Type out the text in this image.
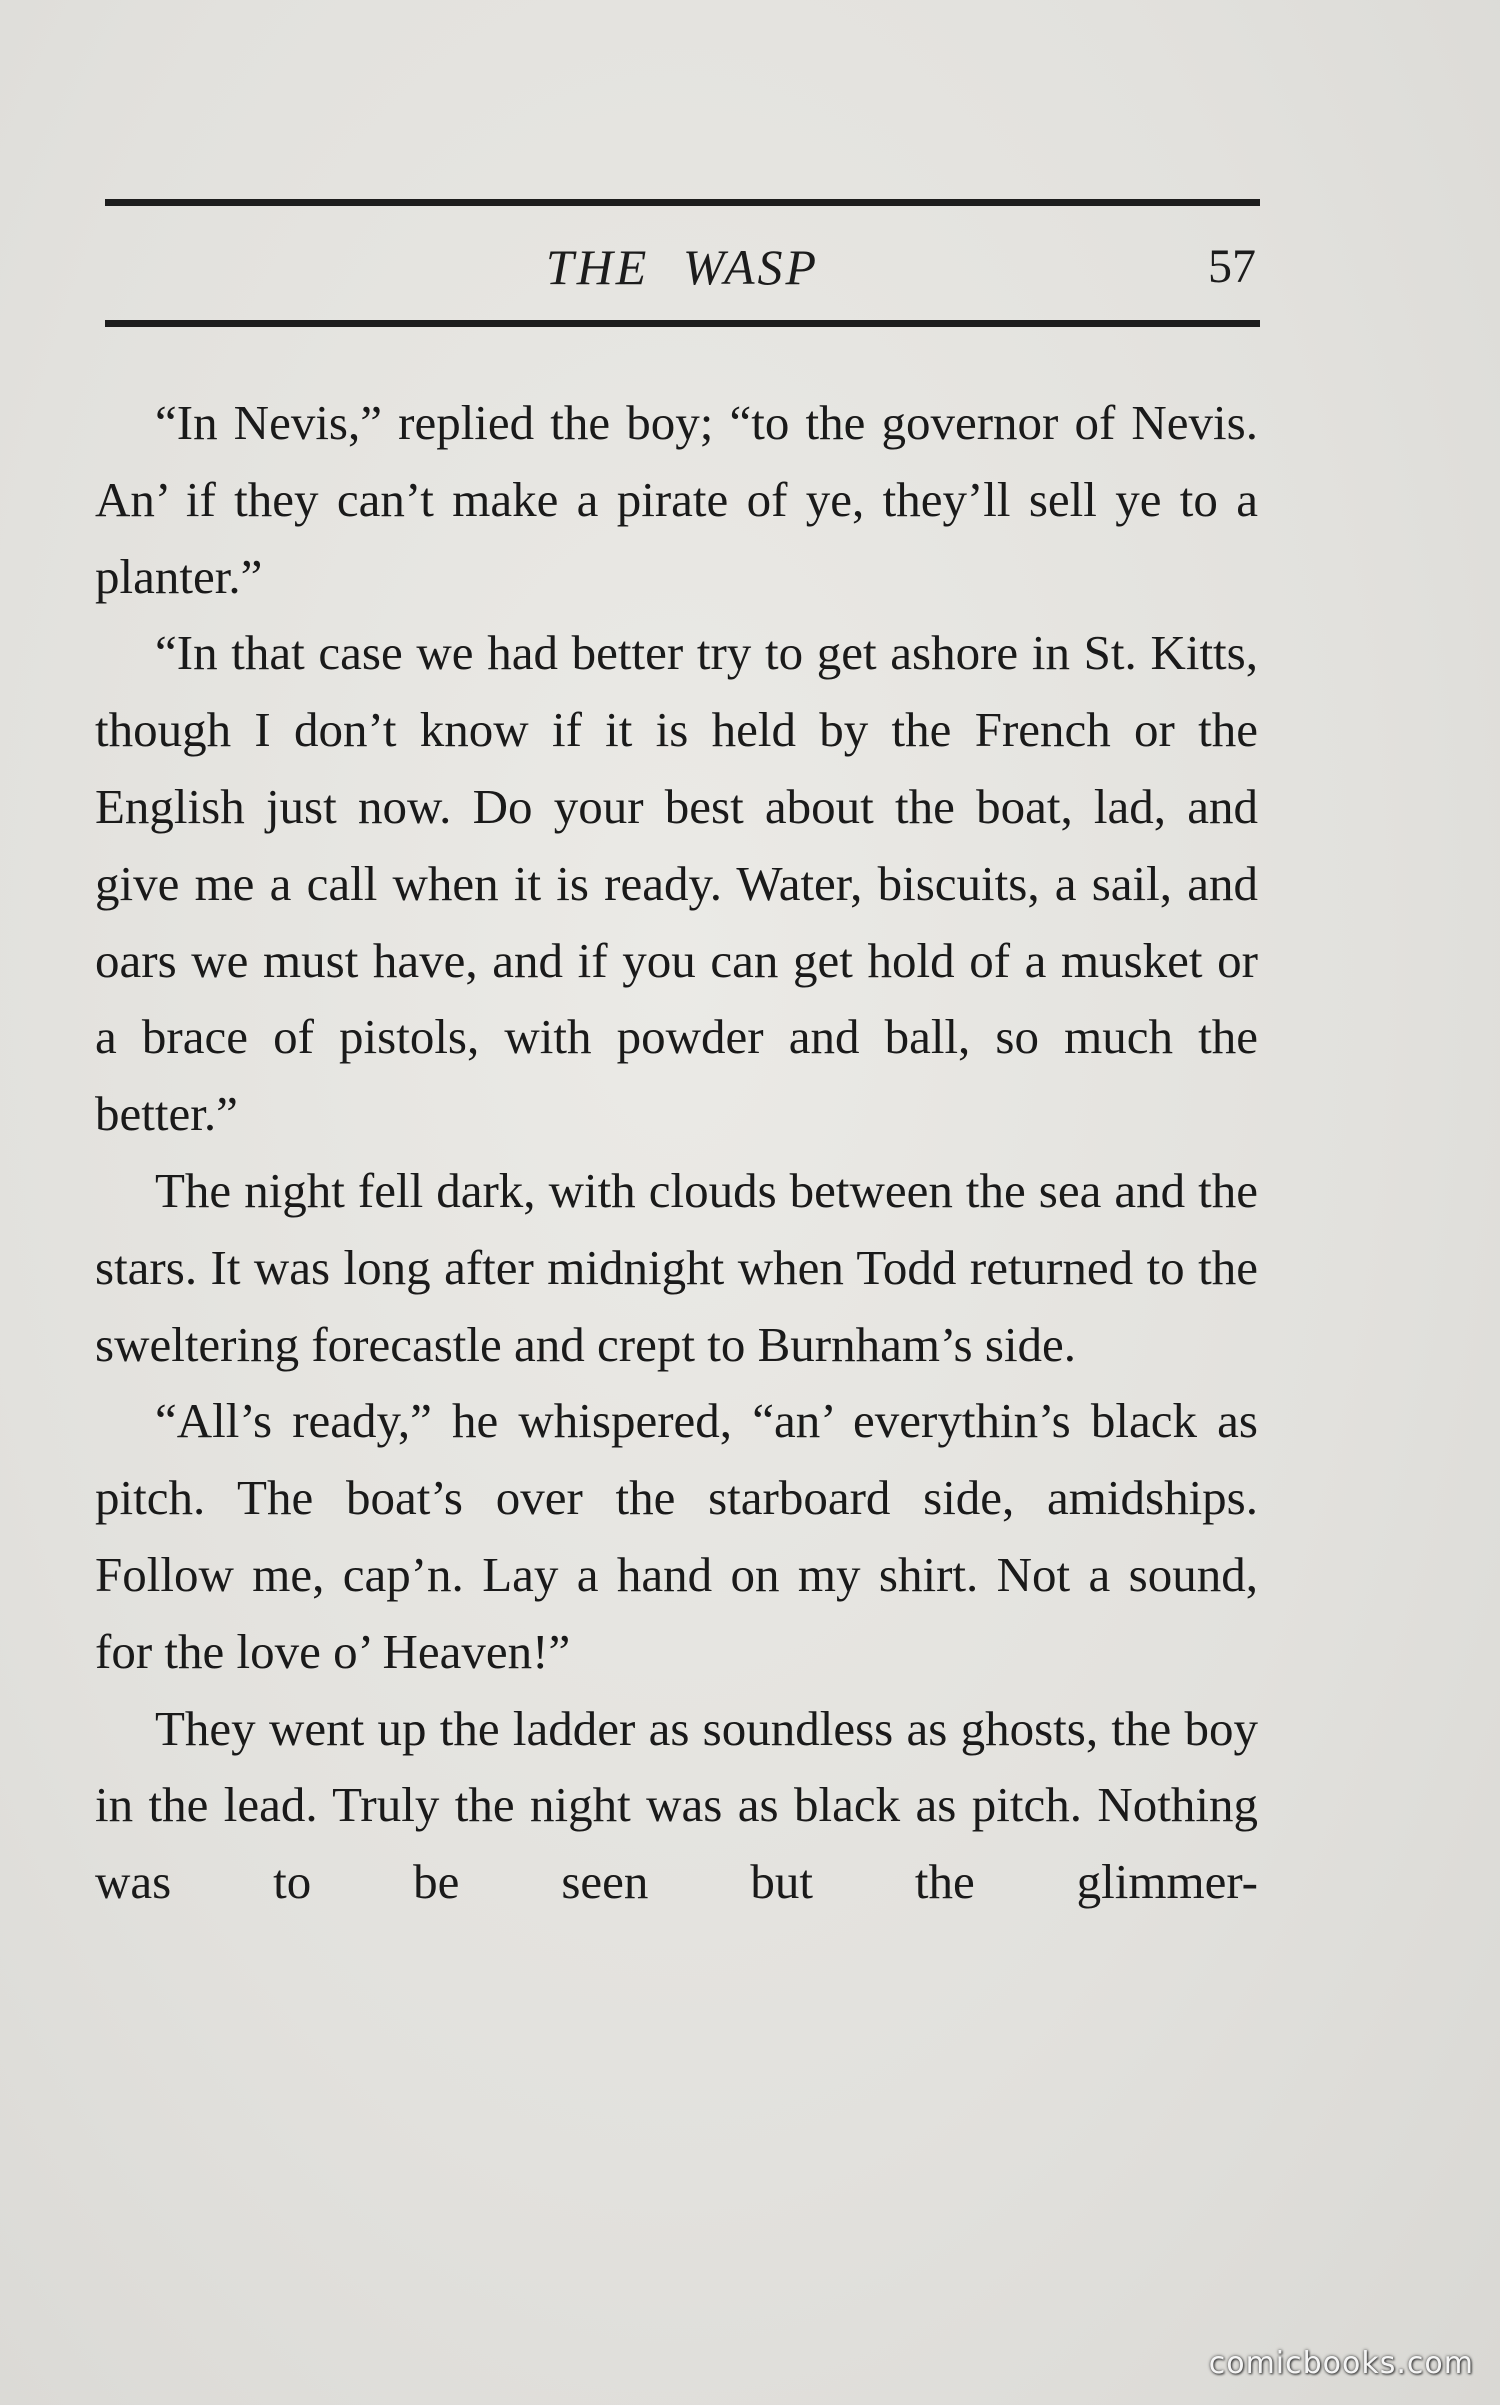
THE WASP	57

“In Nevis,” replied the boy; “to the governor of Nevis. An’ if they can’t make a pirate of ye, they’ll sell ye to a planter.”

“In that case we had better try to get ashore in St. Kitts, though I don’t know if it is held by the French or the English just now. Do your best about the boat, lad, and give me a call when it is ready. Water, biscuits, a sail, and oars we must have, and if you can get hold of a musket or a brace of pistols, with powder and ball, so much the better.”

The night fell dark, with clouds between the sea and the stars. It was long after midnight when Todd returned to the sweltering forecastle and crept to Burnham’s side.

“All’s ready,” he whispered, “an’ everythin’s black as pitch. The boat’s over the starboard side, amidships. Follow me, cap’n. Lay a hand on my shirt. Not a sound, for the love o’ Heaven!”

They went up the ladder as soundless as ghosts, the boy in the lead. Truly the night was as black as pitch. Nothing was to be seen but the glimmer-

comicbooks.com
